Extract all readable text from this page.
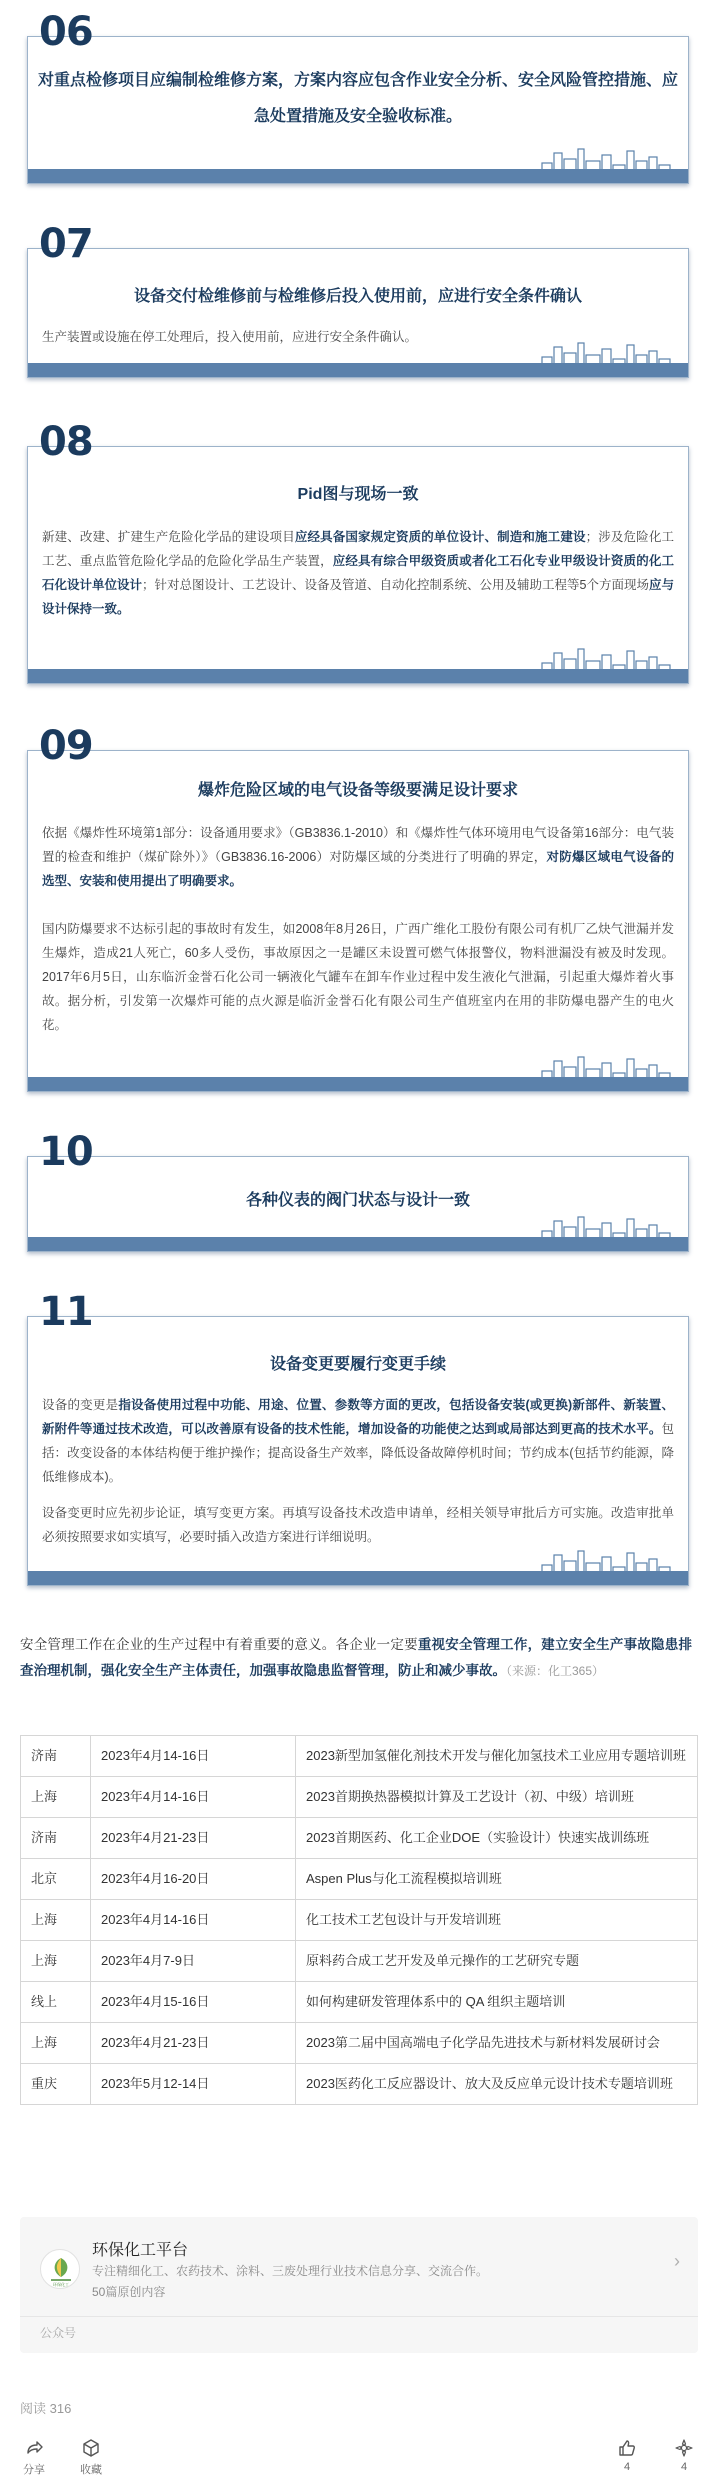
对重点检修项目应编制检维修方案，方案内容应包含作业安全分析、安全风险管控措施、应急处置措施及安全验收标准。
06
设备交付检维修前与检维修后投入使用前，应进行安全条件确认
生产装置或设施在停工处理后，投入使用前，应进行安全条件确认。
07
Pid图与现场一致
新建、改建、扩建生产危险化学品的建设项目应经具备国家规定资质的单位设计、制造和施工建设；涉及危险化工工艺、重点监管危险化学品的危险化学品生产装置，应经具有综合甲级资质或者化工石化专业甲级设计资质的化工石化设计单位设计；针对总图设计、工艺设计、设备及管道、自动化控制系统、公用及辅助工程等5个方面现场应与设计保持一致。
08
爆炸危险区域的电气设备等级要满足设计要求
依据《爆炸性环境第1部分：设备通用要求》（GB3836.1-2010）和《爆炸性气体环境用电气设备第16部分：电气装置的检查和维护（煤矿除外）》（GB3836.16-2006）对防爆区域的分类进行了明确的界定，对防爆区域电气设备的选型、安装和使用提出了明确要求。
国内防爆要求不达标引起的事故时有发生，如2008年8月26日，广西广维化工股份有限公司有机厂乙炔气泄漏并发生爆炸，造成21人死亡，60多人受伤，事故原因之一是罐区未设置可燃气体报警仪，物料泄漏没有被及时发现。2017年6月5日，山东临沂金誉石化公司一辆液化气罐车在卸车作业过程中发生液化气泄漏，引起重大爆炸着火事故。据分析，引发第一次爆炸可能的点火源是临沂金誉石化有限公司生产值班室内在用的非防爆电器产生的电火花。
09
各种仪表的阀门状态与设计一致
10
设备变更要履行变更手续
设备的变更是指设备使用过程中功能、用途、位置、参数等方面的更改，包括设备安装(或更换)新部件、新装置、新附件等通过技术改造，可以改善原有设备的技术性能，增加设备的功能使之达到或局部达到更高的技术水平。包括：改变设备的本体结构便于维护操作；提高设备生产效率，降低设备故障停机时间；节约成本(包括节约能源，降低维修成本)。
设备变更时应先初步论证，填写变更方案。再填写设备技术改造申请单，经相关领导审批后方可实施。改造审批单必须按照要求如实填写，必要时插入改造方案进行详细说明。
11
安全管理工作在企业的生产过程中有着重要的意义。各企业一定要重视安全管理工作，建立安全生产事故隐患排查治理机制，强化安全生产主体责任，加强事故隐患监督管理，防止和减少事故。（来源：化工365）
济南	2023年4月14-16日	2023新型加氢催化剂技术开发与催化加氢技术工业应用专题培训班
上海	2023年4月14-16日	2023首期换热器模拟计算及工艺设计（初、中级）培训班
济南	2023年4月21-23日	2023首期医药、化工企业DOE（实验设计）快速实战训练班
北京	2023年4月16-20日	Aspen Plus与化工流程模拟培训班
上海	2023年4月14-16日	化工技术工艺包设计与开发培训班
上海	2023年4月7-9日	原料药合成工艺开发及单元操作的工艺研究专题
线上	2023年4月15-16日	如何构建研发管理体系中的 QA 组织主题培训
上海	2023年4月21-23日	2023第二届中国高端电子化学品先进技术与新材料发展研讨会
重庆	2023年5月12-14日	2023医药化工反应器设计、放大及反应单元设计技术专题培训班
环保化工
环保化工平台
专注精细化工、农药技术、涂料、三废处理行业技术信息分享、交流合作。
50篇原创内容
›
公众号
阅读 316
分享	收藏	4	4
